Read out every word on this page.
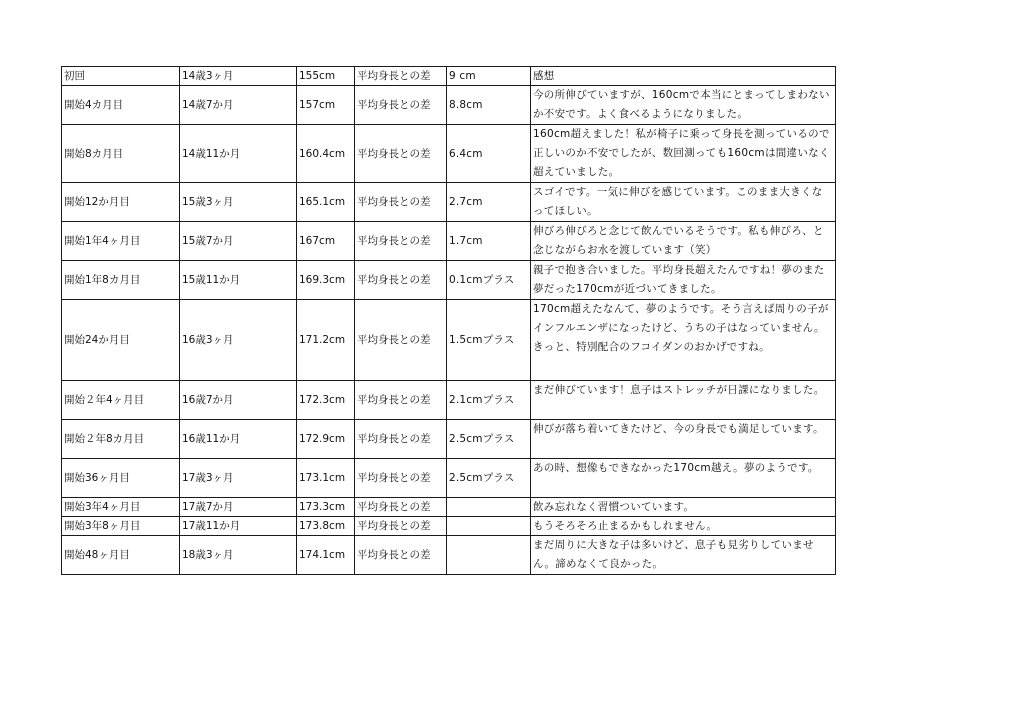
初回	14歳3ヶ月	155cm	平均身長との差	9 cm	感想
開始4カ月目	14歳7か月	157cm	平均身長との差	8.8cm	今の所伸びていますが、160cmで本当にとまってしまわないか不安です。よく食べるようになりました。
開始8カ月目	14歳11か月	160.4cm	平均身長との差	6.4cm	160cm超えました！私が椅子に乗って身長を測っているので正しいのか不安でしたが、数回測っても160cmは間違いなく超えていました。
開始12か月目	15歳3ヶ月	165.1cm	平均身長との差	2.7cm	スゴイです。一気に伸びを感じています。このまま大きくなってほしい。
開始1年4ヶ月目	15歳7か月	167cm	平均身長との差	1.7cm	伸びろ伸びろと念じて飲んでいるそうです。私も伸びろ、と念じながらお水を渡しています（笑）
開始1年8カ月目	15歳11か月	169.3cm	平均身長との差	0.1cmプラス	親子で抱き合いました。平均身長超えたんですね！夢のまた夢だった170cmが近づいてきました。
開始24か月目	16歳3ヶ月	171.2cm	平均身長との差	1.5cmプラス	170cm超えたなんて、夢のようです。そう言えば周りの子がインフルエンザになったけど、うちの子はなっていません。きっと、特別配合のフコイダンのおかげですね。
開始２年4ヶ月目	16歳7か月	172.3cm	平均身長との差	2.1cmプラス	まだ伸びています！息子はストレッチが日課になりました。
開始２年8カ月目	16歳11か月	172.9cm	平均身長との差	2.5cmプラス	伸びが落ち着いてきたけど、今の身長でも満足しています。
開始36ヶ月目	17歳3ヶ月	173.1cm	平均身長との差	2.5cmプラス	あの時、想像もできなかった170cm越え。夢のようです。
開始3年4ヶ月目	17歳7か月	173.3cm	平均身長との差		飲み忘れなく習慣ついています。
開始3年8ヶ月目	17歳11か月	173.8cm	平均身長との差		もうそろそろ止まるかもしれません。
開始48ヶ月目	18歳3ヶ月	174.1cm	平均身長との差		まだ周りに大きな子は多いけど、息子も見劣りしていません。諦めなくて良かった。
